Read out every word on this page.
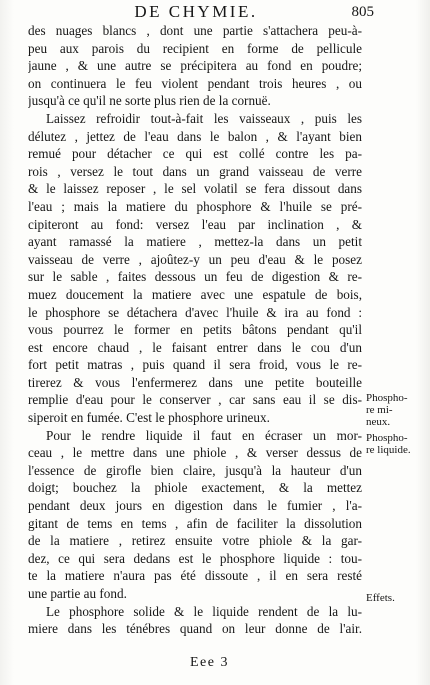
DE CHYMIE.	805
des nuages blancs , dont une partie s'attachera peu-à-
peu aux parois du recipient en forme de pellicule
jaune , & une autre se précipitera au fond en poudre;
on continuera le feu violent pendant trois heures , ou
jusqu'à ce qu'il ne sorte plus rien de la cornuë.
Laissez refroidir tout-à-fait les vaisseaux , puis les
délutez , jettez de l'eau dans le balon , & l'ayant bien
remué pour détacher ce qui est collé contre les pa-
rois , versez le tout dans un grand vaisseau de verre
& le laissez reposer , le sel volatil se fera dissout dans
l'eau ; mais la matiere du phosphore & l'huile se pré-
cipiteront au fond: versez l'eau par inclination , &
ayant ramassé la matiere , mettez-la dans un petit
vaisseau de verre , ajoûtez-y un peu d'eau & le posez
sur le sable , faites dessous un feu de digestion & re-
muez doucement la matiere avec une espatule de bois,
le phosphore se détachera d'avec l'huile & ira au fond :
vous pourrez le former en petits bâtons pendant qu'il
est encore chaud , le faisant entrer dans le cou d'un
fort petit matras , puis quand il sera froid, vous le re-
tirerez & vous l'enfermerez dans une petite bouteille
remplie d'eau pour le conserver , car sans eau il se dis-
siperoit en fumée. C'est le phosphore urineux.
Pour le rendre liquide il faut en écraser un mor-
ceau , le mettre dans une phiole , & verser dessus de
l'essence de girofle bien claire, jusqu'à la hauteur d'un
doigt; bouchez la phiole exactement, & la mettez
pendant deux jours en digestion dans le fumier , l'a-
gitant de tems en tems , afin de faciliter la dissolution
de la matiere , retirez ensuite votre phiole & la gar-
dez, ce qui sera dedans est le phosphore liquide : tou-
te la matiere n'aura pas été dissoute , il en sera resté
une partie au fond.
Le phosphore solide & le liquide rendent de la lu-
miere dans les ténébres quand on leur donne de l'air.
Phospho-
re mi-
neux.
Phospho-
re liquide.
Effets.
Eee 3
